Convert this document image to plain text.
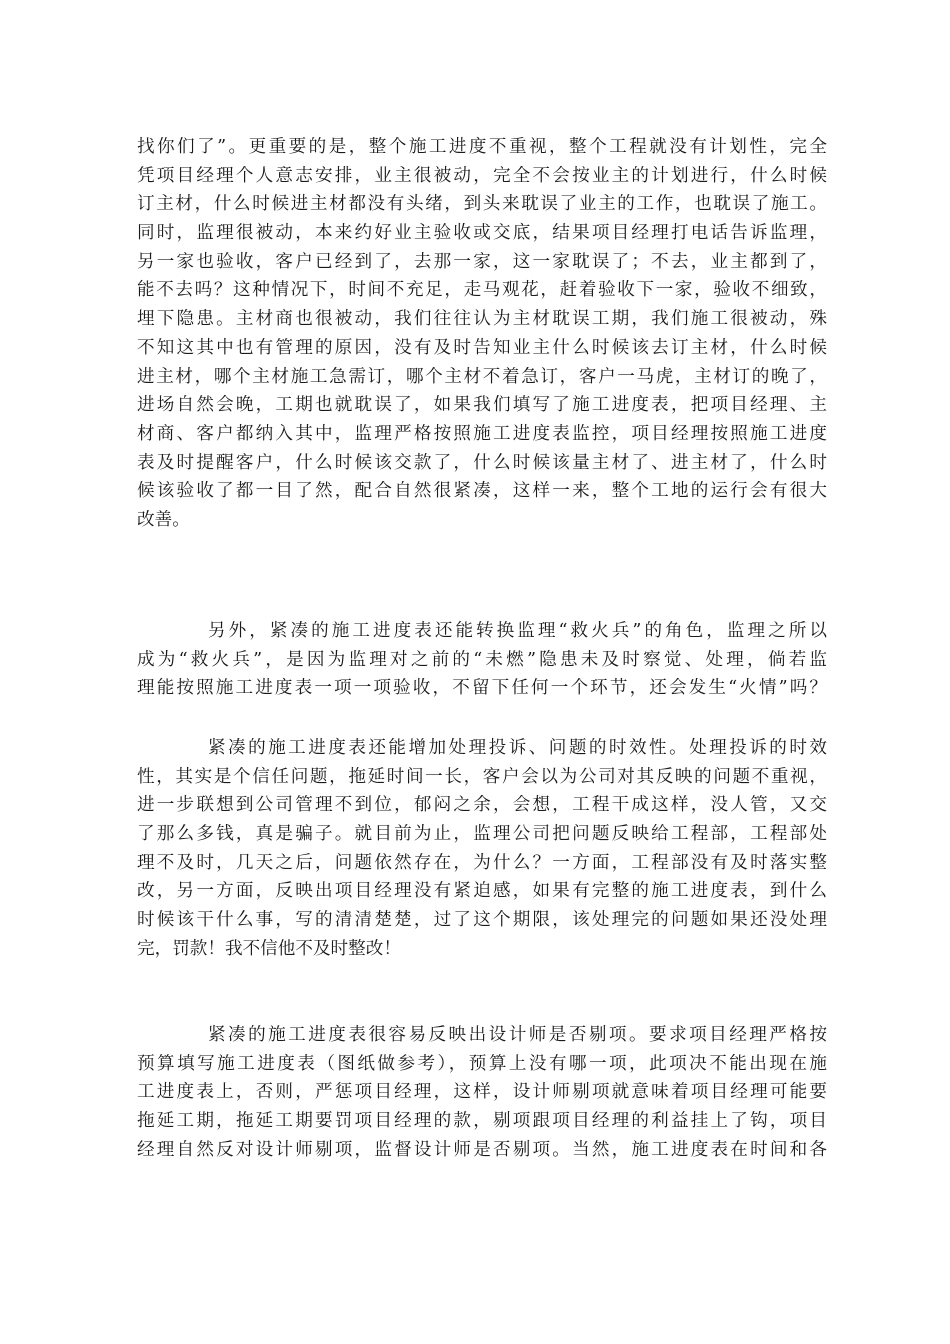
找你们了”。更重要的是，整个施工进度不重视，整个工程就没有计划性，完全
凭项目经理个人意志安排，业主很被动，完全不会按业主的计划进行，什么时候
订主材，什么时候进主材都没有头绪，到头来耽误了业主的工作，也耽误了施工。
同时，监理很被动，本来约好业主验收或交底，结果项目经理打电话告诉监理，
另一家也验收，客户已经到了，去那一家，这一家耽误了；不去，业主都到了，
能不去吗？这种情况下，时间不充足，走马观花，赶着验收下一家，验收不细致，
埋下隐患。主材商也很被动，我们往往认为主材耽误工期，我们施工很被动，殊
不知这其中也有管理的原因，没有及时告知业主什么时候该去订主材，什么时候
进主材，哪个主材施工急需订，哪个主材不着急订，客户一马虎，主材订的晚了，
进场自然会晚，工期也就耽误了，如果我们填写了施工进度表，把项目经理、主
材商、客户都纳入其中，监理严格按照施工进度表监控，项目经理按照施工进度
表及时提醒客户，什么时候该交款了，什么时候该量主材了、进主材了，什么时
候该验收了都一目了然，配合自然很紧凑，这样一来，整个工地的运行会有很大
改善。
另外，紧凑的施工进度表还能转换监理“救火兵”的角色，监理之所以
成为“救火兵”，是因为监理对之前的“未燃”隐患未及时察觉、处理，倘若监
理能按照施工进度表一项一项验收，不留下任何一个环节，还会发生“火情”吗？
紧凑的施工进度表还能增加处理投诉、问题的时效性。处理投诉的时效
性，其实是个信任问题，拖延时间一长，客户会以为公司对其反映的问题不重视，
进一步联想到公司管理不到位，郁闷之余，会想，工程干成这样，没人管，又交
了那么多钱，真是骗子。就目前为止，监理公司把问题反映给工程部，工程部处
理不及时，几天之后，问题依然存在，为什么？一方面，工程部没有及时落实整
改，另一方面，反映出项目经理没有紧迫感，如果有完整的施工进度表，到什么
时候该干什么事，写的清清楚楚，过了这个期限，该处理完的问题如果还没处理
完，罚款！我不信他不及时整改！
紧凑的施工进度表很容易反映出设计师是否剔项。要求项目经理严格按
预算填写施工进度表（图纸做参考），预算上没有哪一项，此项决不能出现在施
工进度表上，否则，严惩项目经理，这样，设计师剔项就意味着项目经理可能要
拖延工期，拖延工期要罚项目经理的款，剔项跟项目经理的利益挂上了钩，项目
经理自然反对设计师剔项，监督设计师是否剔项。当然，施工进度表在时间和各
